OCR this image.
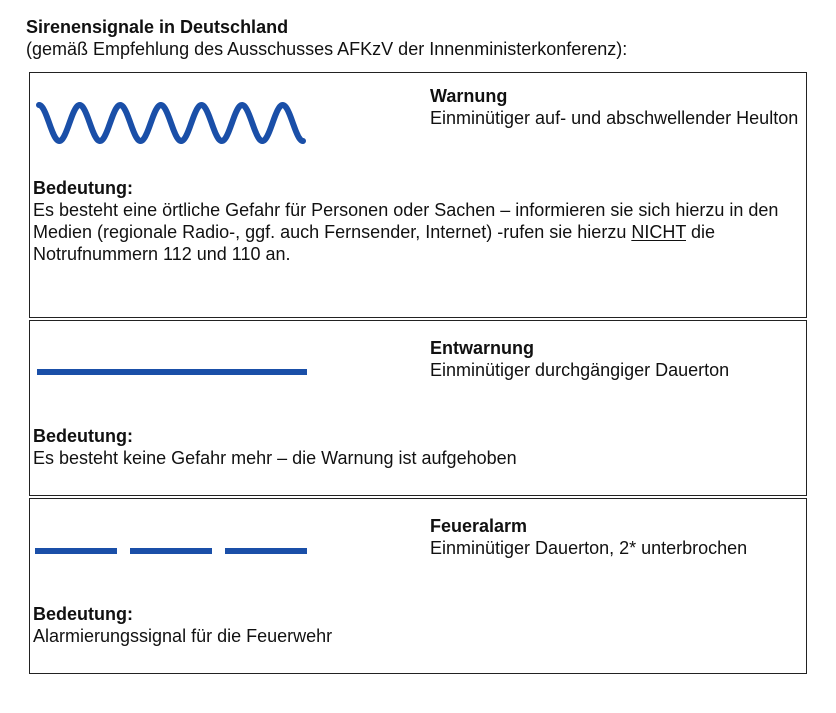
Sirenensignale in Deutschland
(gemäß Empfehlung des Ausschusses AFKzV der Innenministerkonferenz):
Warnung
Einminütiger auf- und abschwellender Heulton
Bedeutung:
Es besteht eine örtliche Gefahr für Personen oder Sachen – informieren sie sich hierzu in den Medien (regionale Radio-, ggf. auch Fernsender, Internet) -rufen sie hierzu NICHT die Notrufnummern 112 und 110 an.
Entwarnung
Einminütiger durchgängiger Dauerton
Bedeutung:
Es besteht keine Gefahr mehr – die Warnung ist aufgehoben
Feueralarm
Einminütiger Dauerton, 2* unterbrochen
Bedeutung:
Alarmierungssignal für die Feuerwehr
